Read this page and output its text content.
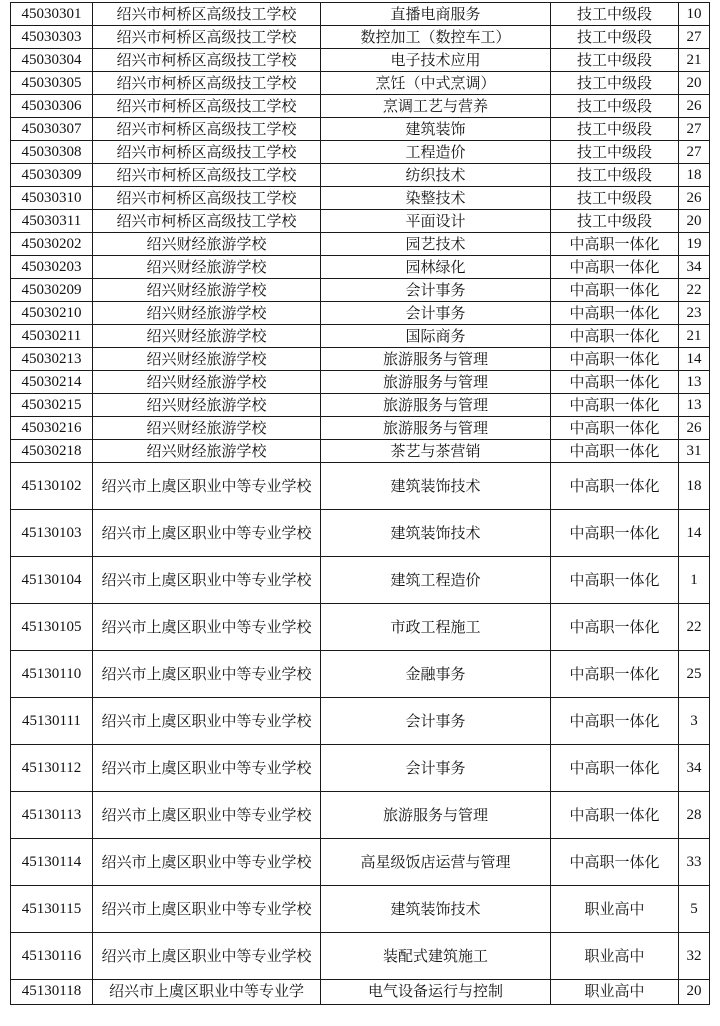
45030301	绍兴市柯桥区高级技工学校	直播电商服务	技工中级段	10
45030303	绍兴市柯桥区高级技工学校	数控加工（数控车工）	技工中级段	27
45030304	绍兴市柯桥区高级技工学校	电子技术应用	技工中级段	21
45030305	绍兴市柯桥区高级技工学校	烹饪（中式烹调）	技工中级段	20
45030306	绍兴市柯桥区高级技工学校	烹调工艺与营养	技工中级段	26
45030307	绍兴市柯桥区高级技工学校	建筑装饰	技工中级段	27
45030308	绍兴市柯桥区高级技工学校	工程造价	技工中级段	27
45030309	绍兴市柯桥区高级技工学校	纺织技术	技工中级段	18
45030310	绍兴市柯桥区高级技工学校	染整技术	技工中级段	26
45030311	绍兴市柯桥区高级技工学校	平面设计	技工中级段	20
45030202	绍兴财经旅游学校	园艺技术	中高职一体化	19
45030203	绍兴财经旅游学校	园林绿化	中高职一体化	34
45030209	绍兴财经旅游学校	会计事务	中高职一体化	22
45030210	绍兴财经旅游学校	会计事务	中高职一体化	23
45030211	绍兴财经旅游学校	国际商务	中高职一体化	21
45030213	绍兴财经旅游学校	旅游服务与管理	中高职一体化	14
45030214	绍兴财经旅游学校	旅游服务与管理	中高职一体化	13
45030215	绍兴财经旅游学校	旅游服务与管理	中高职一体化	13
45030216	绍兴财经旅游学校	旅游服务与管理	中高职一体化	26
45030218	绍兴财经旅游学校	茶艺与茶营销	中高职一体化	31
45130102	绍兴市上虞区职业中等专业学校	建筑装饰技术	中高职一体化	18
45130103	绍兴市上虞区职业中等专业学校	建筑装饰技术	中高职一体化	14
45130104	绍兴市上虞区职业中等专业学校	建筑工程造价	中高职一体化	1
45130105	绍兴市上虞区职业中等专业学校	市政工程施工	中高职一体化	22
45130110	绍兴市上虞区职业中等专业学校	金融事务	中高职一体化	25
45130111	绍兴市上虞区职业中等专业学校	会计事务	中高职一体化	3
45130112	绍兴市上虞区职业中等专业学校	会计事务	中高职一体化	34
45130113	绍兴市上虞区职业中等专业学校	旅游服务与管理	中高职一体化	28
45130114	绍兴市上虞区职业中等专业学校	高星级饭店运营与管理	中高职一体化	33
45130115	绍兴市上虞区职业中等专业学校	建筑装饰技术	职业高中	5
45130116	绍兴市上虞区职业中等专业学校	装配式建筑施工	职业高中	32
45130118	绍兴市上虞区职业中等专业学	电气设备运行与控制	职业高中	20
